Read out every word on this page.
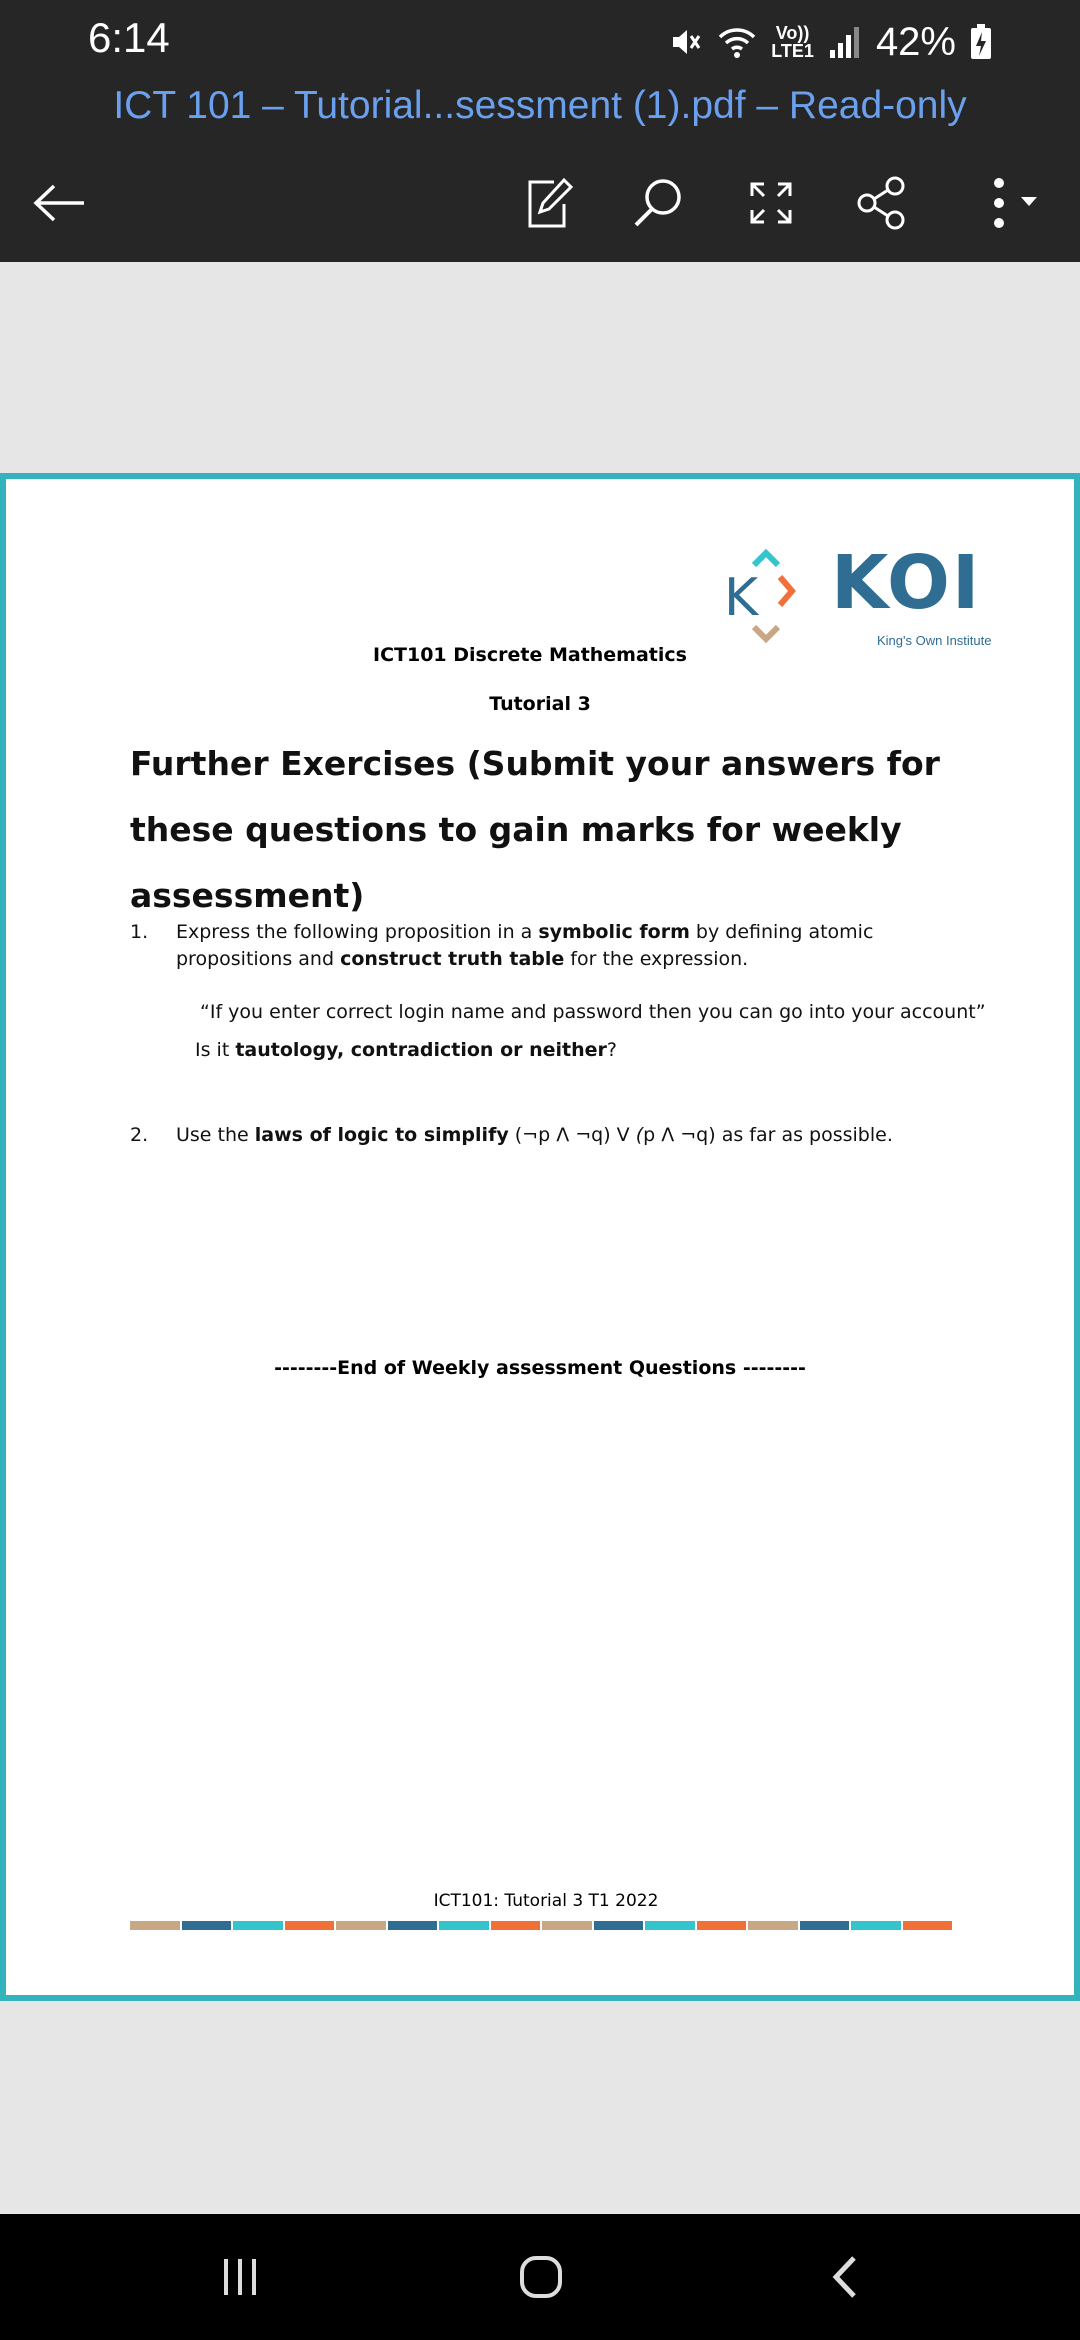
6:14	Vo))
LTE1 42%
ICT 101 – Tutorial...sessment (1).pdf – Read-only
K KOI
King's Own Institute
ICT101 Discrete Mathematics
Tutorial 3
Further Exercises (Submit your answers for these questions to gain marks for weekly assessment)
1. Express the following proposition in a symbolic form by defining atomic propositions and construct truth table for the expression.
“If you enter correct login name and password then you can go into your account”
Is it tautology, contradiction or neither?
2. Use the laws of logic to simplify (¬p Λ ¬q) V (p Λ ¬q) as far as possible.
--------End of Weekly assessment Questions --------
ICT101: Tutorial 3 T1 2022
